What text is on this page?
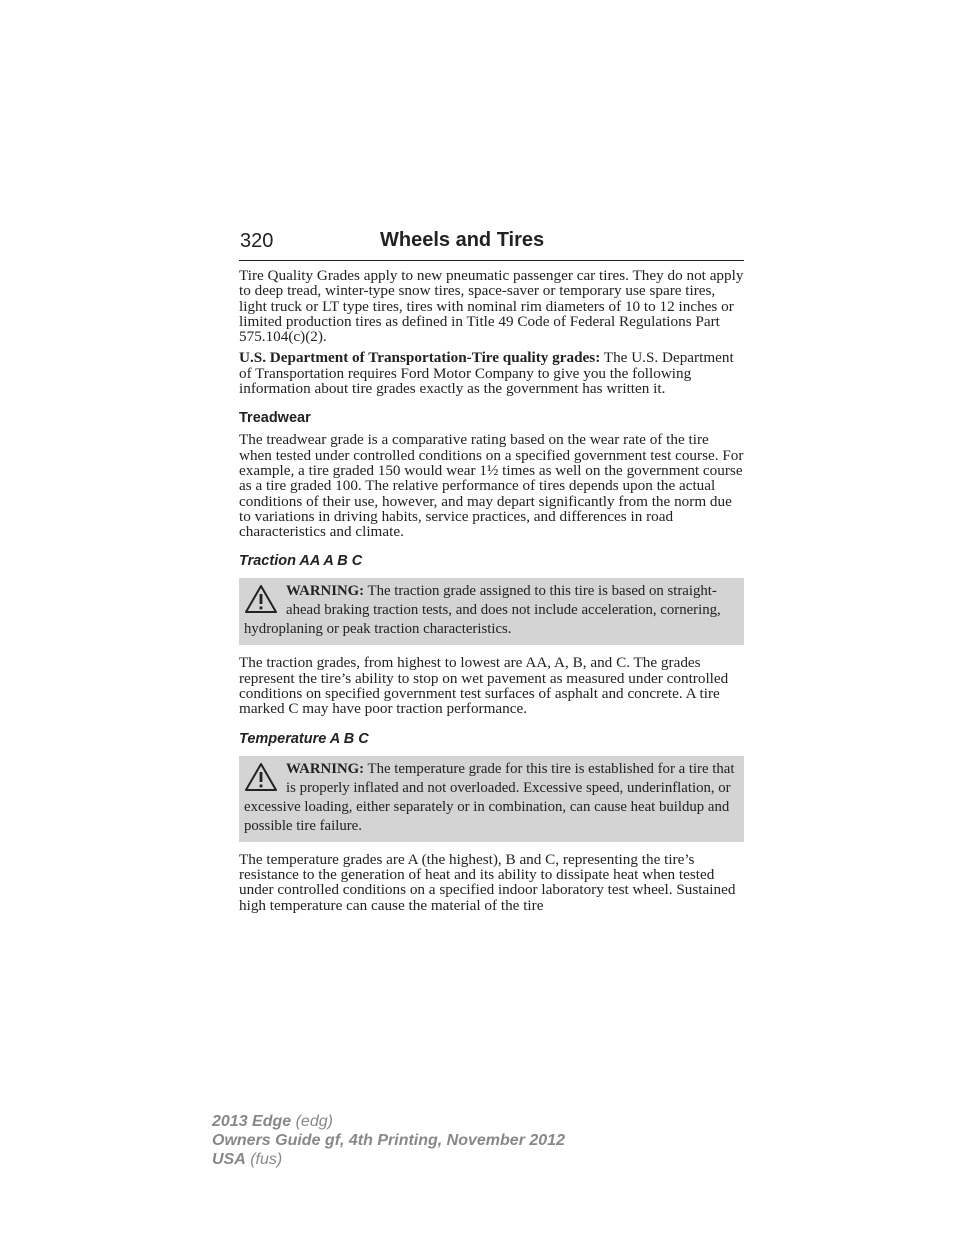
320	Wheels and Tires

Tire Quality Grades apply to new pneumatic passenger car tires. They do not apply to deep tread, winter-type snow tires, space-saver or temporary use spare tires, light truck or LT type tires, tires with nominal rim diameters of 10 to 12 inches or limited production tires as defined in Title 49 Code of Federal Regulations Part 575.104(c)(2).

U.S. Department of Transportation-Tire quality grades: The U.S. Department of Transportation requires Ford Motor Company to give you the following information about tire grades exactly as the government has written it.

Treadwear

The treadwear grade is a comparative rating based on the wear rate of the tire when tested under controlled conditions on a specified government test course. For example, a tire graded 150 would wear 1½ times as well on the government course as a tire graded 100. The relative performance of tires depends upon the actual conditions of their use, however, and may depart significantly from the norm due to variations in driving habits, service practices, and differences in road characteristics and climate.

Traction AA A B C
WARNING: The traction grade assigned to this tire is based on straight-ahead braking traction tests, and does not include acceleration, cornering, hydroplaning or peak traction characteristics.

The traction grades, from highest to lowest are AA, A, B, and C. The grades represent the tire’s ability to stop on wet pavement as measured under controlled conditions on specified government test surfaces of asphalt and concrete. A tire marked C may have poor traction performance.

Temperature A B C
WARNING: The temperature grade for this tire is established for a tire that is properly inflated and not overloaded. Excessive speed, underinflation, or excessive loading, either separately or in combination, can cause heat buildup and possible tire failure.

The temperature grades are A (the highest), B and C, representing the tire’s resistance to the generation of heat and its ability to dissipate heat when tested under controlled conditions on a specified indoor laboratory test wheel. Sustained high temperature can cause the material of the tire

2013 Edge (edg)
Owners Guide gf, 4th Printing, November 2012
USA (fus)
